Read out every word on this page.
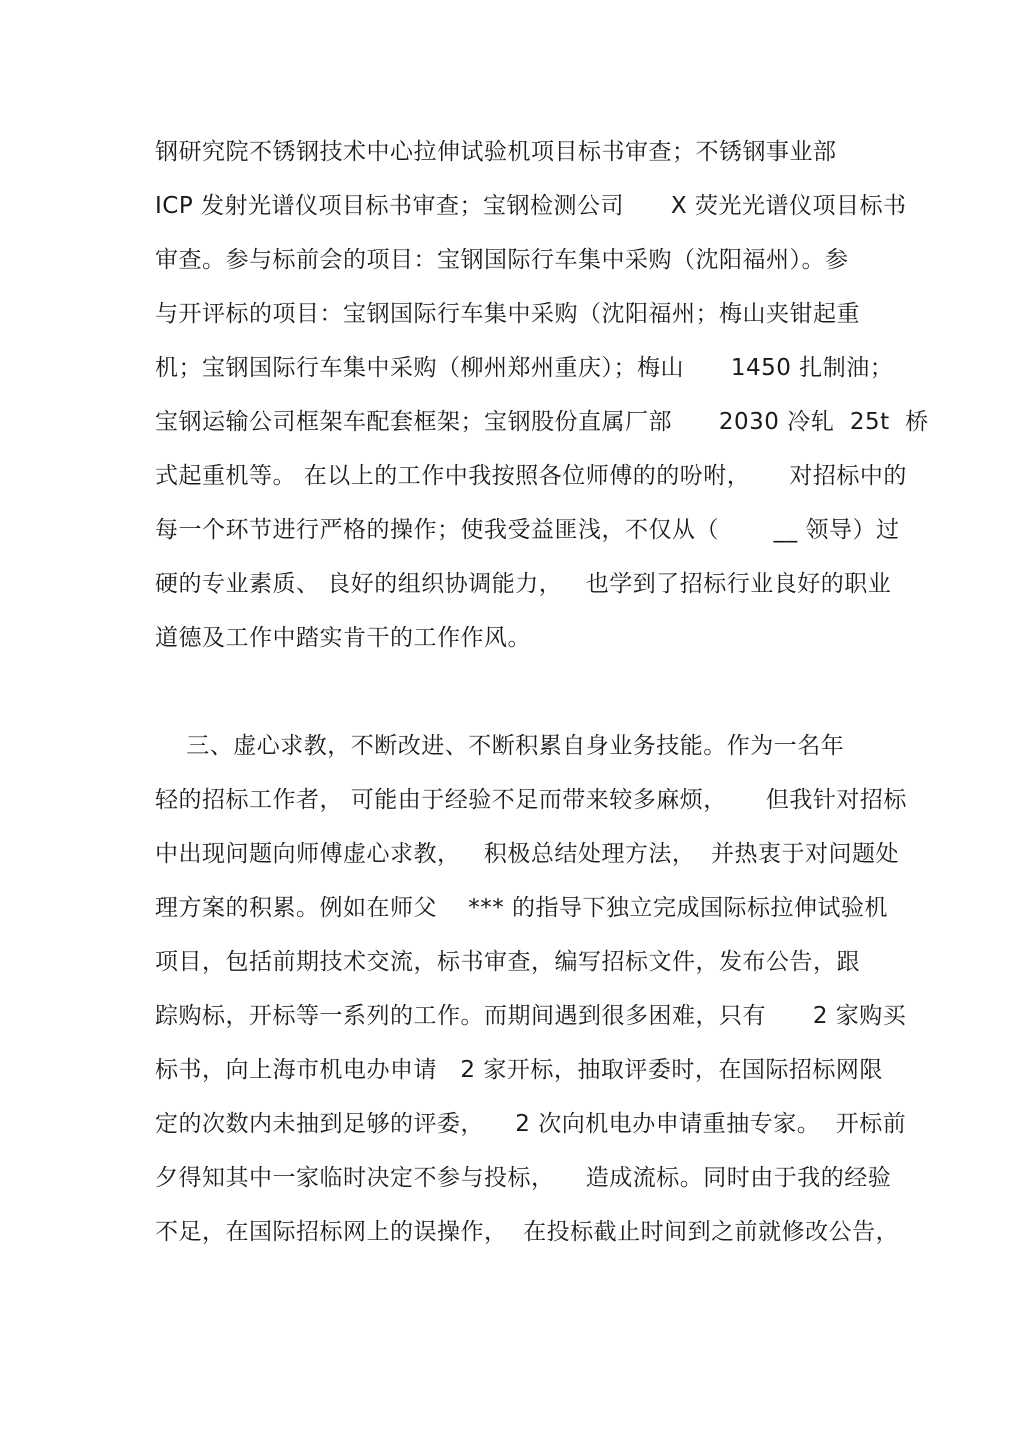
钢研究院不锈钢技术中心拉伸试验机项目标书审查；不锈钢事业部
ICP 发射光谱仪项目标书审查；宝钢检测公司      X 荧光光谱仪项目标书
审查。参与标前会的项目：宝钢国际行车集中采购（沈阳福州）。参
与开评标的项目：宝钢国际行车集中采购（沈阳福州；梅山夹钳起重
机；宝钢国际行车集中采购（柳州郑州重庆）；梅山      1450 扎制油；
宝钢运输公司框架车配套框架；宝钢股份直属厂部      2030 冷轧  25t  桥
式起重机等。 在以上的工作中我按照各位师傅的的吩咐，     对招标中的
每一个环节进行严格的操作；使我受益匪浅，不仅从（       __ 领导）过
硬的专业素质、 良好的组织协调能力，   也学到了招标行业良好的职业
道德及工作中踏实肯干的工作作风。
三、虚心求教，不断改进、不断积累自身业务技能。作为一名年
轻的招标工作者， 可能由于经验不足而带来较多麻烦，     但我针对招标
中出现问题向师傅虚心求教，   积极总结处理方法，  并热衷于对问题处
理方案的积累。例如在师父    *** 的指导下独立完成国际标拉伸试验机
项目，包括前期技术交流，标书审查，编写招标文件，发布公告，跟
踪购标，开标等一系列的工作。而期间遇到很多困难，只有      2 家购买
标书，向上海市机电办申请   2 家开标，抽取评委时，在国际招标网限
定的次数内未抽到足够的评委，    2 次向机电办申请重抽专家。  开标前
夕得知其中一家临时决定不参与投标，    造成流标。同时由于我的经验
不足，在国际招标网上的误操作，  在投标截止时间到之前就修改公告，
